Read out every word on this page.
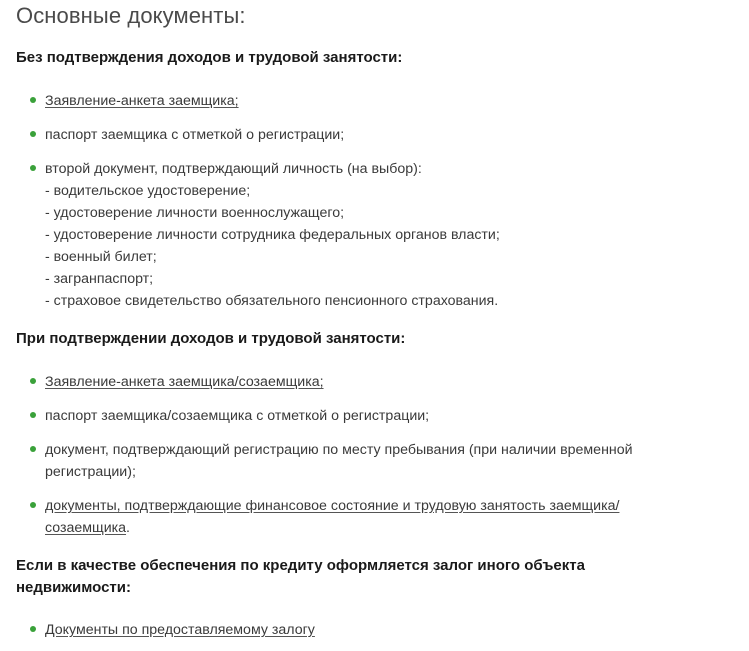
Основные документы:
Без подтверждения доходов и трудовой занятости:
Заявление-анкета заемщика;
паспорт заемщика с отметкой о регистрации;
второй документ, подтверждающий личность (на выбор):
- водительское удостоверение;
- удостоверение личности военнослужащего;
- удостоверение личности сотрудника федеральных органов власти;
- военный билет;
- загранпаспорт;
- страховое свидетельство обязательного пенсионного страхования.
При подтверждении доходов и трудовой занятости:
Заявление-анкета заемщика/созаемщика;
паспорт заемщика/созаемщика с отметкой о регистрации;
документ, подтверждающий регистрацию по месту пребывания (при наличии временной
регистрации);
документы, подтверждающие финансовое состояние и трудовую занятость заемщика/
созаемщика.
Если в качестве обеспечения по кредиту оформляется залог иного объекта
недвижимости:
Документы по предоставляемому залогу
